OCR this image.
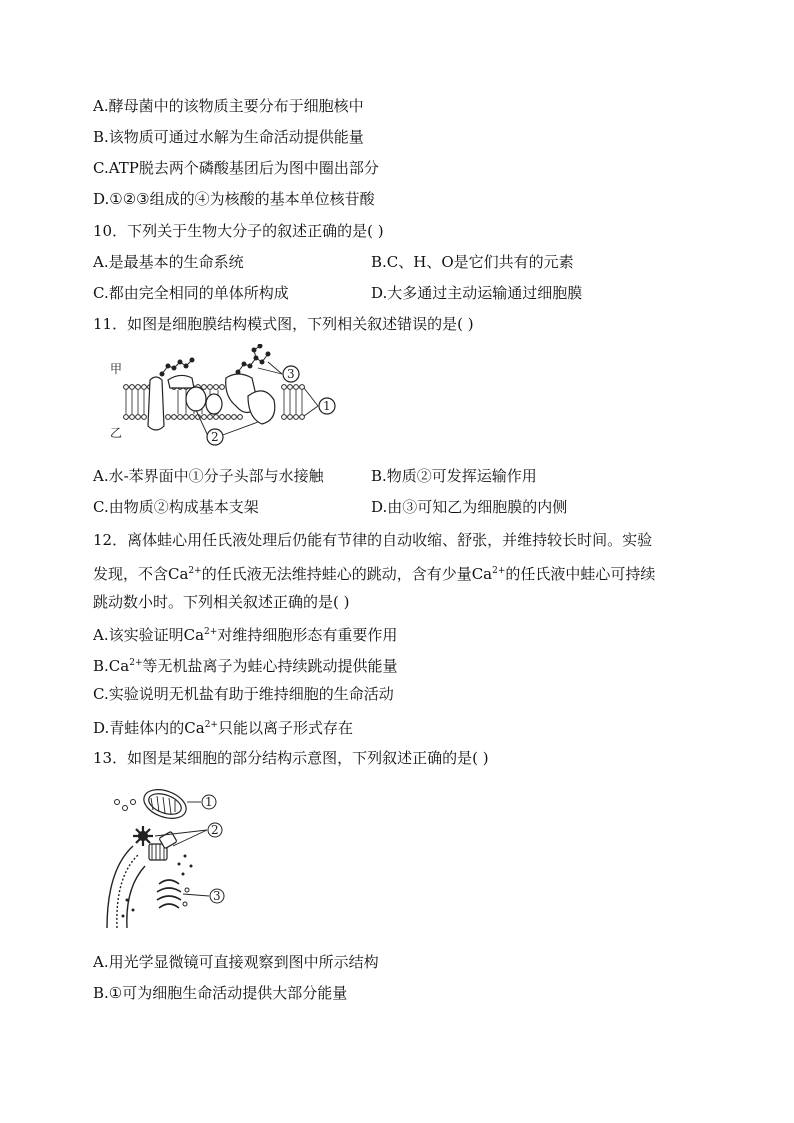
A.酵母菌中的该物质主要分布于细胞核中
B.该物质可通过水解为生命活动提供能量
C.ATP脱去两个磷酸基团后为图中圈出部分
D.①②③组成的④为核酸的基本单位核苷酸
10．下列关于生物大分子的叙述正确的是( )
A.是最基本的生命系统	B.C、H、O是它们共有的元素
C.都由完全相同的单体所构成	D.大多通过主动运输通过细胞膜
11．如图是细胞膜结构模式图，下列相关叙述错误的是( )
甲
乙
3
1
2
A.水-苯界面中①分子头部与水接触	B.物质②可发挥运输作用
C.由物质②构成基本支架	D.由③可知乙为细胞膜的内侧
12．离体蛙心用任氏液处理后仍能有节律的自动收缩、舒张，并维持较长时间。实验
发现，不含$Ca^{2+}$的任氏液无法维持蛙心的跳动，含有少量$Ca^{2+}$的任氏液中蛙心可持续
跳动数小时。下列相关叙述正确的是( )
A.该实验证明$Ca^{2+}$对维持细胞形态有重要作用
$B.Ca^{2+}$等无机盐离子为蛙心持续跳动提供能量
C.实验说明无机盐有助于维持细胞的生命活动
D.青蛙体内的$Ca^{2+}$只能以离子形式存在
13．如图是某细胞的部分结构示意图，下列叙述正确的是( )
1
2
3
A.用光学显微镜可直接观察到图中所示结构
B.①可为细胞生命活动提供大部分能量
